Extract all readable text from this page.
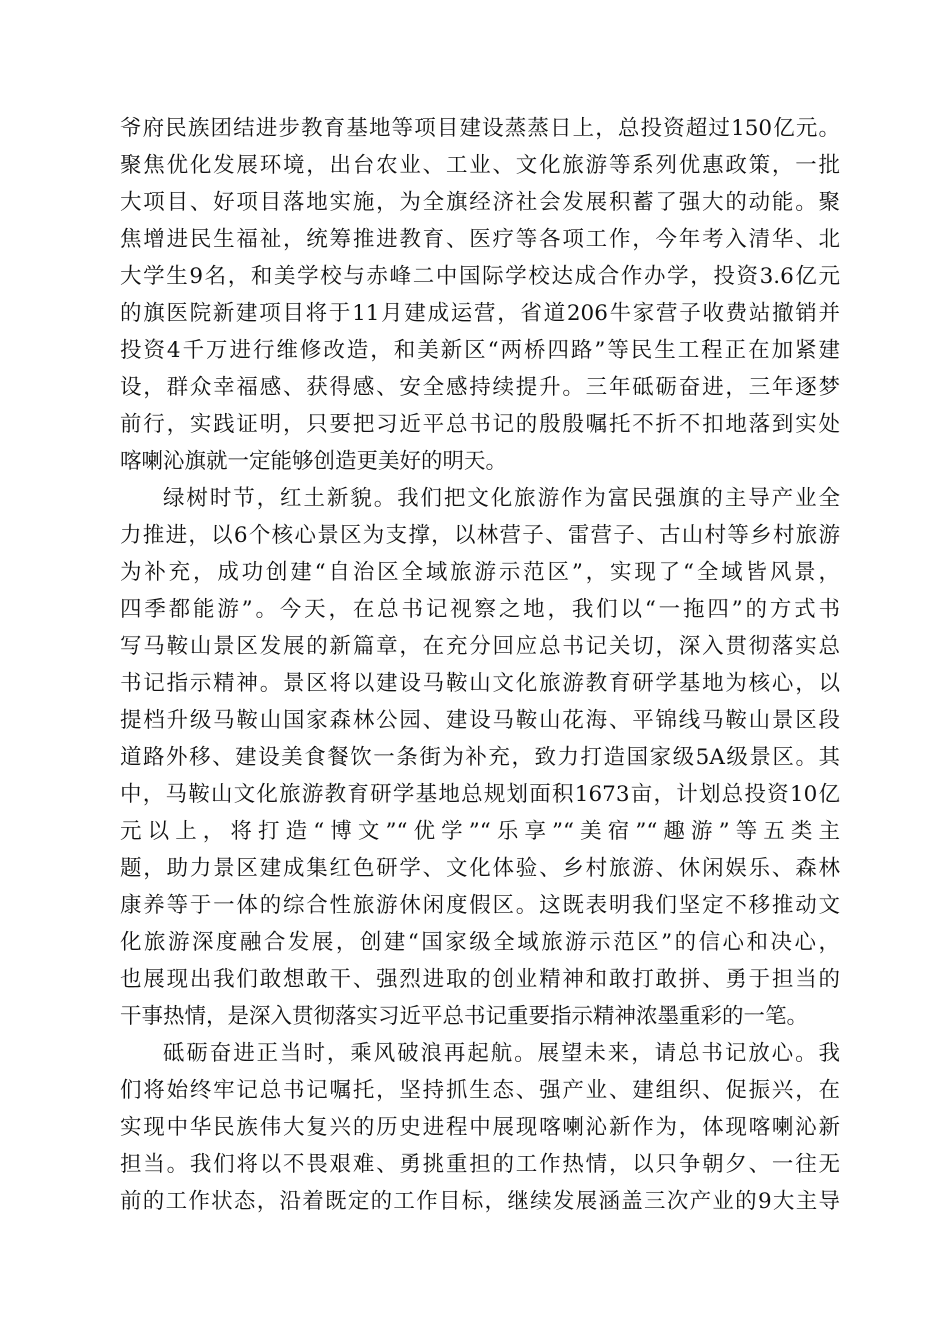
爷府民族团结进步教育基地等项目建设蒸蒸日上，总投资超过150亿元。
聚焦优化发展环境，出台农业、工业、文化旅游等系列优惠政策，一批
大项目、好项目落地实施，为全旗经济社会发展积蓄了强大的动能。聚
焦增进民生福祉，统筹推进教育、医疗等各项工作，今年考入清华、北
大学生9名，和美学校与赤峰二中国际学校达成合作办学，投资3.6亿元
的旗医院新建项目将于11月建成运营，省道206牛家营子收费站撤销并
投资4千万进行维修改造，和美新区“两桥四路”等民生工程正在加紧建
设，群众幸福感、获得感、安全感持续提升。三年砥砺奋进，三年逐梦
前行，实践证明，只要把习近平总书记的殷殷嘱托不折不扣地落到实处
喀喇沁旗就一定能够创造更美好的明天。
绿树时节，红土新貌。我们把文化旅游作为富民强旗的主导产业全
力推进，以6个核心景区为支撑，以林营子、雷营子、古山村等乡村旅游
为补充，成功创建“自治区全域旅游示范区”，实现了“全域皆风景，
四季都能游”。今天，在总书记视察之地，我们以“一拖四”的方式书
写马鞍山景区发展的新篇章，在充分回应总书记关切，深入贯彻落实总
书记指示精神。景区将以建设马鞍山文化旅游教育研学基地为核心，以
提档升级马鞍山国家森林公园、建设马鞍山花海、平锦线马鞍山景区段
道路外移、建设美食餐饮一条街为补充，致力打造国家级5A级景区。其
中，马鞍山文化旅游教育研学基地总规划面积1673亩，计划总投资10亿
元以上，将打造“博文”“优学”“乐享”“美宿”“趣游”等五类主
题，助力景区建成集红色研学、文化体验、乡村旅游、休闲娱乐、森林
康养等于一体的综合性旅游休闲度假区。这既表明我们坚定不移推动文
化旅游深度融合发展，创建“国家级全域旅游示范区”的信心和决心，
也展现出我们敢想敢干、强烈进取的创业精神和敢打敢拼、勇于担当的
干事热情，是深入贯彻落实习近平总书记重要指示精神浓墨重彩的一笔。
砥砺奋进正当时，乘风破浪再起航。展望未来，请总书记放心。我
们将始终牢记总书记嘱托，坚持抓生态、强产业、建组织、促振兴，在
实现中华民族伟大复兴的历史进程中展现喀喇沁新作为，体现喀喇沁新
担当。我们将以不畏艰难、勇挑重担的工作热情，以只争朝夕、一往无
前的工作状态，沿着既定的工作目标，继续发展涵盖三次产业的9大主导
